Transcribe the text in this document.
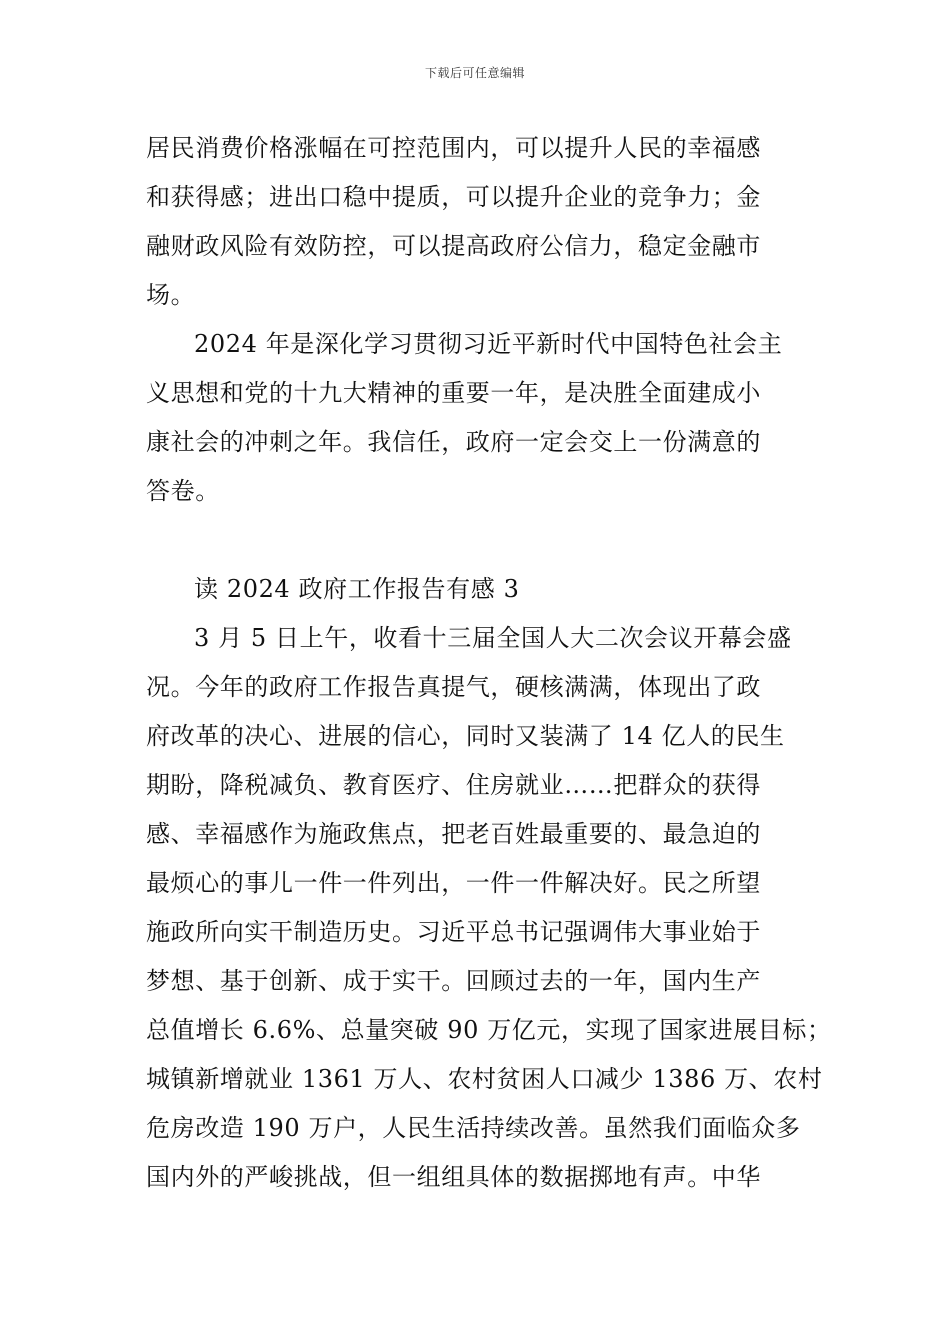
下载后可任意编辑
居民消费价格涨幅在可控范围内，可以提升人民的幸福感
和获得感；进出口稳中提质，可以提升企业的竞争力；金
融财政风险有效防控，可以提高政府公信力，稳定金融市
场。
2024 年是深化学习贯彻习近平新时代中国特色社会主
义思想和党的十九大精神的重要一年，是决胜全面建成小
康社会的冲刺之年。我信任，政府一定会交上一份满意的
答卷。
读 2024 政府工作报告有感 3
3 月 5 日上午，收看十三届全国人大二次会议开幕会盛
况。今年的政府工作报告真提气，硬核满满，体现出了政
府改革的决心、进展的信心，同时又装满了 14 亿人的民生
期盼，降税减负、教育医疗、住房就业……把群众的获得
感、幸福感作为施政焦点，把老百姓最重要的、最急迫的
最烦心的事儿一件一件列出，一件一件解决好。民之所望
施政所向实干制造历史。习近平总书记强调伟大事业始于
梦想、基于创新、成于实干。回顾过去的一年，国内生产
总值增长 6.6%、总量突破 90 万亿元，实现了国家进展目标；
城镇新增就业 1361 万人、农村贫困人口减少 1386 万、农村
危房改造 190 万户，人民生活持续改善。虽然我们面临众多
国内外的严峻挑战，但一组组具体的数据掷地有声。中华
